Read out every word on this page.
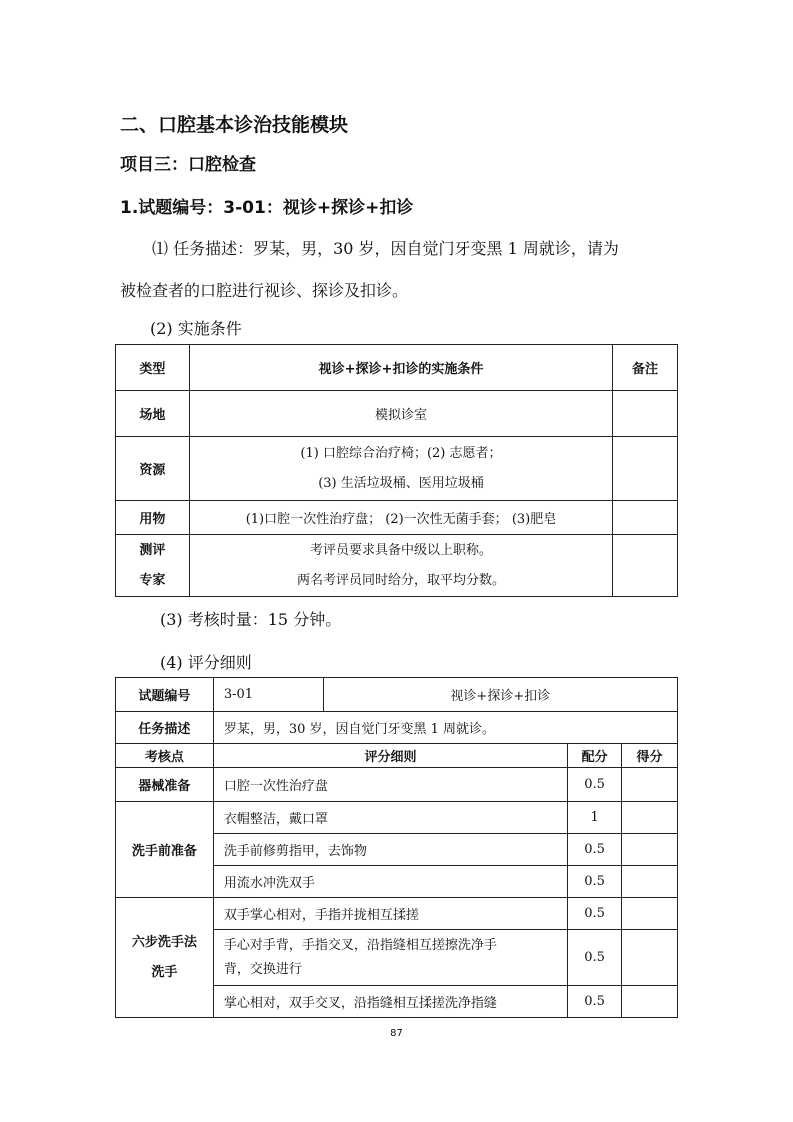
二、口腔基本诊治技能模块
项目三：口腔检查
1.试题编号：3-01：视诊+探诊+扣诊
⑴ 任务描述：罗某，男，30 岁，因自觉门牙变黑 1 周就诊，请为
被检查者的口腔进行视诊、探诊及扣诊。
(2) 实施条件
类型	视诊+探诊+扣诊的实施条件	备注
场地	模拟诊室	
资源	(1) 口腔综合治疗椅；(2) 志愿者；
(3) 生活垃圾桶、医用垃圾桶	

用物	(1)口腔一次性治疗盘； (2)一次性无菌手套； (3)肥皂	

测评
专家	考评员要求具备中级以上职称。
两名考评员同时给分，取平均分数。	

(3) 考核时量：15 分钟。
(4) 评分细则
试题编号	3-01	视诊+探诊+扣诊		
任务描述	罗某，男，30 岁，因自觉门牙变黑 1 周就诊。			
考核点	评分细则		配分	得分
器械准备	口腔一次性治疗盘		0.5	
洗手前准备	衣帽整洁，戴口罩		1	
	洗手前修剪指甲，去饰物		0.5	
	用流水冲洗双手		0.5	

六步洗手法
洗手	双手掌心相对，手指并拢相互揉搓		0.5	

	手心对手背，手指交叉，沿指缝相互搓擦洗净手
背，交换进行		0.5	
	掌心相对，双手交叉，沿指缝相互揉搓洗净指缝		0.5	
87
